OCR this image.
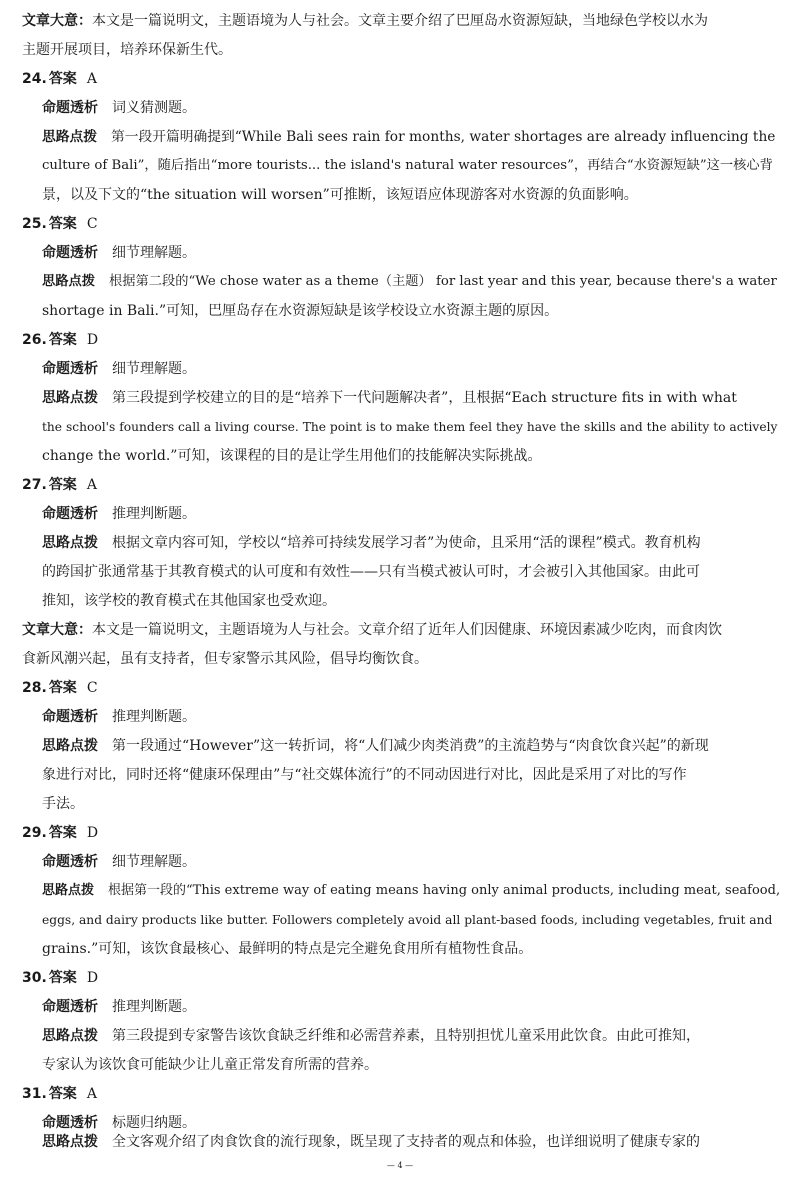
文章大意：本文是一篇说明文，主题语境为人与社会。文章主要介绍了巴厘岛水资源短缺，当地绿色学校以水为
主题开展项目，培养环保新生代。
24. 答案 A
命题透析 词义猜测题。
思路点拨 第一段开篇明确提到“While Bali sees rain for months, water shortages are already influencing the
culture of Bali”，随后指出“more tourists... the island's natural water resources”，再结合“水资源短缺”这一核心背
景，以及下文的“the situation will worsen”可推断，该短语应体现游客对水资源的负面影响。
25. 答案 C
命题透析 细节理解题。
思路点拨 根据第二段的“We chose water as a theme（主题） for last year and this year, because there's a water
shortage in Bali.”可知，巴厘岛存在水资源短缺是该学校设立水资源主题的原因。
26. 答案 D
命题透析 细节理解题。
思路点拨 第三段提到学校建立的目的是“培养下一代问题解决者”，且根据“Each structure fits in with what
the school's founders call a living course. The point is to make them feel they have the skills and the ability to actively
change the world.”可知，该课程的目的是让学生用他们的技能解决实际挑战。
27. 答案 A
命题透析 推理判断题。
思路点拨 根据文章内容可知，学校以“培养可持续发展学习者”为使命，且采用“活的课程”模式。教育机构
的跨国扩张通常基于其教育模式的认可度和有效性——只有当模式被认可时，才会被引入其他国家。由此可
推知，该学校的教育模式在其他国家也受欢迎。
文章大意：本文是一篇说明文，主题语境为人与社会。文章介绍了近年人们因健康、环境因素减少吃肉，而食肉饮
食新风潮兴起，虽有支持者，但专家警示其风险，倡导均衡饮食。
28. 答案 C
命题透析 推理判断题。
思路点拨 第一段通过“However”这一转折词，将“人们减少肉类消费”的主流趋势与“肉食饮食兴起”的新现
象进行对比，同时还将“健康环保理由”与“社交媒体流行”的不同动因进行对比，因此是采用了对比的写作
手法。
29. 答案 D
命题透析 细节理解题。
思路点拨 根据第一段的“This extreme way of eating means having only animal products, including meat, seafood,
eggs, and dairy products like butter. Followers completely avoid all plant-based foods, including vegetables, fruit and
grains.”可知，该饮食最核心、最鲜明的特点是完全避免食用所有植物性食品。
30. 答案 D
命题透析 推理判断题。
思路点拨 第三段提到专家警告该饮食缺乏纤维和必需营养素，且特别担忧儿童采用此饮食。由此可推知，
专家认为该饮食可能缺少让儿童正常发育所需的营养。
31. 答案 A
命题透析 标题归纳题。
思路点拨 全文客观介绍了肉食饮食的流行现象，既呈现了支持者的观点和体验，也详细说明了健康专家的
— 4 —
